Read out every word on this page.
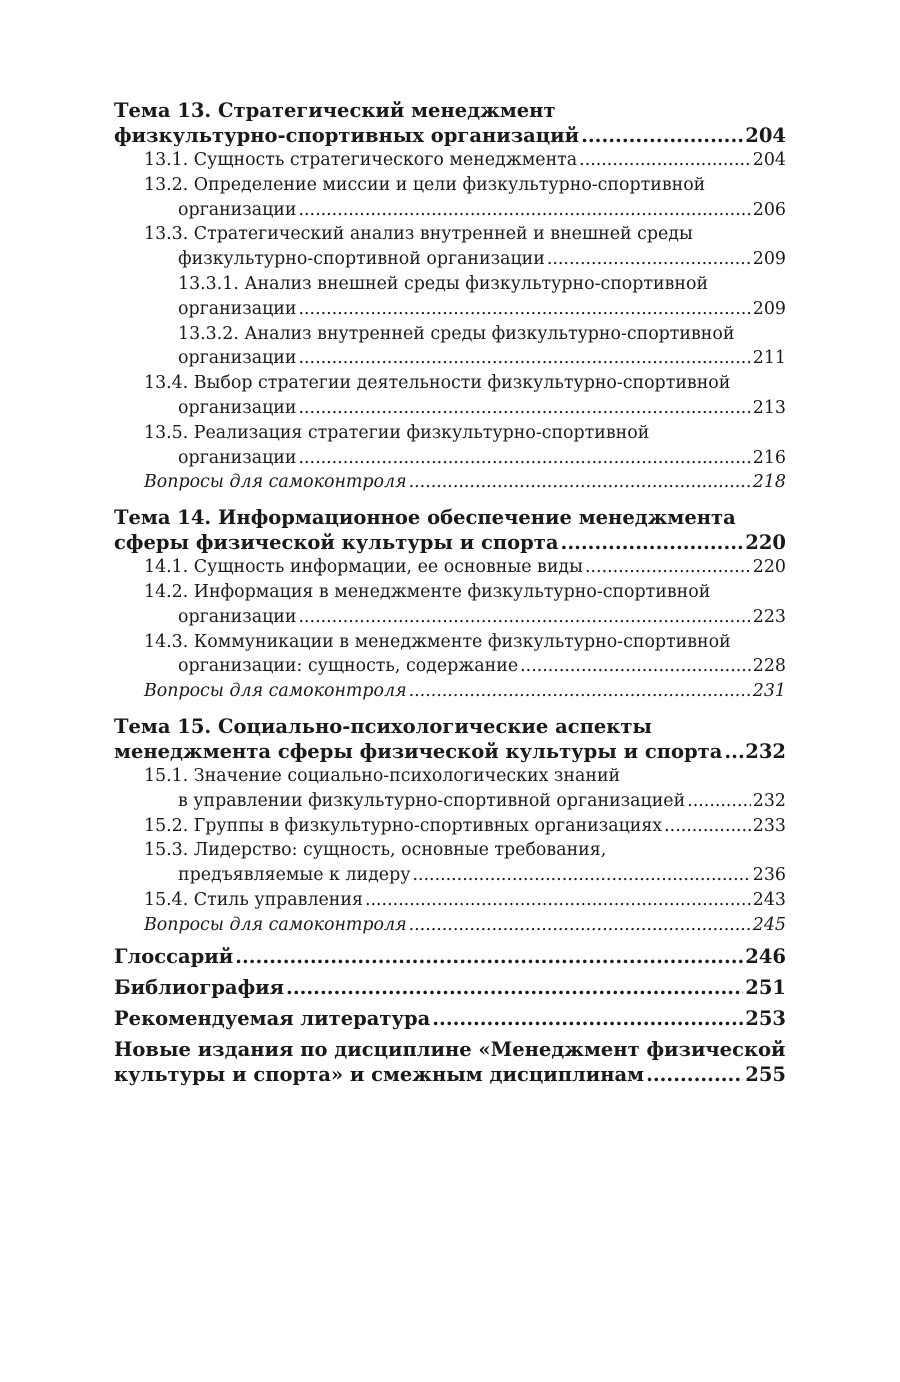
Тема 13. Стратегический менеджмент
физкультурно-спортивных организаций .....	204
13.1. Сущность стратегического менеджмента .....	204
13.2. Определение миссии и цели физкультурно-спортивной
организации .....	206
13.3. Стратегический анализ внутренней и внешней среды
физкультурно-спортивной организации .....	209
13.3.1. Анализ внешней среды физкультурно-спортивной
организации .....	209
13.3.2. Анализ внутренней среды физкультурно-спортивной
организации .....	211
13.4. Выбор стратегии деятельности физкультурно-спортивной
организации .....	213
13.5. Реализация стратегии физкультурно-спортивной
организации .....	216
Вопросы для самоконтроля .....	218
Тема 14. Информационное обеспечение менеджмента
сферы физической культуры и спорта .....	220
14.1. Сущность информации, ее основные виды .....	220
14.2. Информация в менеджменте физкультурно-спортивной
организации .....	223
14.3. Коммуникации в менеджменте физкультурно-спортивной
организации: сущность, содержание .....	228
Вопросы для самоконтроля .....	231
Тема 15. Социально-психологические аспекты
менеджмента сферы физической культуры и спорта ..... 232
15.1. Значение социально-психологических знаний
в управлении физкультурно-спортивной организацией .....	232
15.2. Группы в физкультурно-спортивных организациях .....	233
15.3. Лидерство: сущность, основные требования,
предъявляемые к лидеру .....	236
15.4. Стиль управления .....	243
Вопросы для самоконтроля .....	245
Глоссарий .....	246
Библиография .....	251
Рекомендуемая литература .....	253
Новые издания по дисциплине «Менеджмент физической
культуры и спорта» и смежным дисциплинам .....	255
